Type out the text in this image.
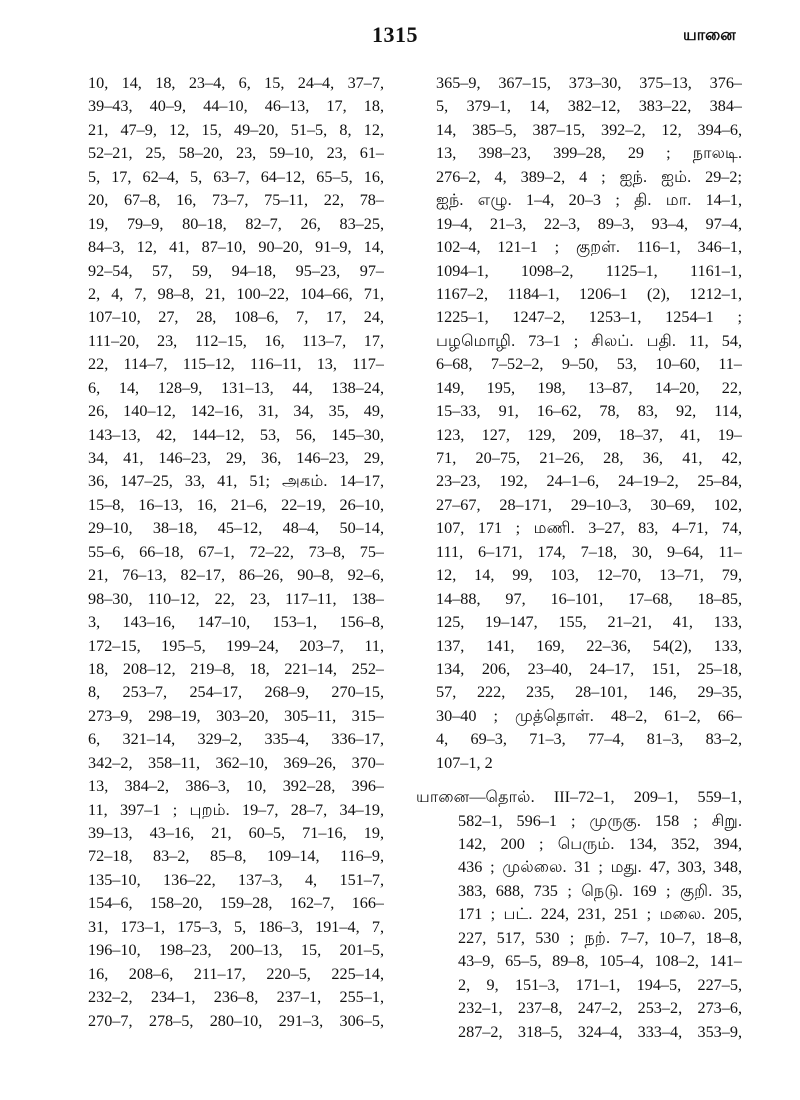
1315	யானை
10, 14, 18, 23–4, 6, 15, 24–4, 37–7,
39–43, 40–9, 44–10, 46–13, 17, 18,
21, 47–9, 12, 15, 49–20, 51–5, 8, 12,
52–21, 25, 58–20, 23, 59–10, 23, 61–
5, 17, 62–4, 5, 63–7, 64–12, 65–5, 16,
20, 67–8, 16, 73–7, 75–11, 22, 78–
19, 79–9, 80–18, 82–7, 26, 83–25,
84–3, 12, 41, 87–10, 90–20, 91–9, 14,
92–54, 57, 59, 94–18, 95–23, 97–
2, 4, 7, 98–8, 21, 100–22, 104–66, 71,
107–10, 27, 28, 108–6, 7, 17, 24,
111–20, 23, 112–15, 16, 113–7, 17,
22, 114–7, 115–12, 116–11, 13, 117–
6, 14, 128–9, 131–13, 44, 138–24,
26, 140–12, 142–16, 31, 34, 35, 49,
143–13, 42, 144–12, 53, 56, 145–30,
34, 41, 146–23, 29, 36, 146–23, 29,
36, 147–25, 33, 41, 51; அகம். 14–17,
15–8, 16–13, 16, 21–6, 22–19, 26–10,
29–10, 38–18, 45–12, 48–4, 50–14,
55–6, 66–18, 67–1, 72–22, 73–8, 75–
21, 76–13, 82–17, 86–26, 90–8, 92–6,
98–30, 110–12, 22, 23, 117–11, 138–
3, 143–16, 147–10, 153–1, 156–8,
172–15, 195–5, 199–24, 203–7, 11,
18, 208–12, 219–8, 18, 221–14, 252–
8, 253–7, 254–17, 268–9, 270–15,
273–9, 298–19, 303–20, 305–11, 315–
6, 321–14, 329–2, 335–4, 336–17,
342–2, 358–11, 362–10, 369–26, 370–
13, 384–2, 386–3, 10, 392–28, 396–
11, 397–1 ; புறம். 19–7, 28–7, 34–19,
39–13, 43–16, 21, 60–5, 71–16, 19,
72–18, 83–2, 85–8, 109–14, 116–9,
135–10, 136–22, 137–3, 4, 151–7,
154–6, 158–20, 159–28, 162–7, 166–
31, 173–1, 175–3, 5, 186–3, 191–4, 7,
196–10, 198–23, 200–13, 15, 201–5,
16, 208–6, 211–17, 220–5, 225–14,
232–2, 234–1, 236–8, 237–1, 255–1,
270–7, 278–5, 280–10, 291–3, 306–5,
365–9, 367–15, 373–30, 375–13, 376–
5, 379–1, 14, 382–12, 383–22, 384–
14, 385–5, 387–15, 392–2, 12, 394–6,
13, 398–23, 399–28, 29 ; நாலடி.
276–2, 4, 389–2, 4 ; ஐந். ஐம். 29–2;
ஐந். எழு. 1–4, 20–3 ; தி. மா. 14–1,
19–4, 21–3, 22–3, 89–3, 93–4, 97–4,
102–4, 121–1 ; குறள். 116–1, 346–1,
1094–1, 1098–2, 1125–1, 1161–1,
1167–2, 1184–1, 1206–1 (2), 1212–1,
1225–1, 1247–2, 1253–1, 1254–1 ;
பழமொழி. 73–1 ; சிலப். பதி. 11, 54,
6–68, 7–52–2, 9–50, 53, 10–60, 11–
149, 195, 198, 13–87, 14–20, 22,
15–33, 91, 16–62, 78, 83, 92, 114,
123, 127, 129, 209, 18–37, 41, 19–
71, 20–75, 21–26, 28, 36, 41, 42,
23–23, 192, 24–1–6, 24–19–2, 25–84,
27–67, 28–171, 29–10–3, 30–69, 102,
107, 171 ; மணி. 3–27, 83, 4–71, 74,
111, 6–171, 174, 7–18, 30, 9–64, 11–
12, 14, 99, 103, 12–70, 13–71, 79,
14–88, 97, 16–101, 17–68, 18–85,
125, 19–147, 155, 21–21, 41, 133,
137, 141, 169, 22–36, 54(2), 133,
134, 206, 23–40, 24–17, 151, 25–18,
57, 222, 235, 28–101, 146, 29–35,
30–40 ; முத்தொள். 48–2, 61–2, 66–
4, 69–3, 71–3, 77–4, 81–3, 83–2,
107–1, 2
யானை—தொல். III–72–1, 209–1, 559–1,
582–1, 596–1 ; முருகு. 158 ; சிறு.
142, 200 ; பெரும். 134, 352, 394,
436 ; முல்லை. 31 ; மது. 47, 303, 348,
383, 688, 735 ; நெடு. 169 ; குறி. 35,
171 ; பட். 224, 231, 251 ; மலை. 205,
227, 517, 530 ; நற். 7–7, 10–7, 18–8,
43–9, 65–5, 89–8, 105–4, 108–2, 141–
2, 9, 151–3, 171–1, 194–5, 227–5,
232–1, 237–8, 247–2, 253–2, 273–6,
287–2, 318–5, 324–4, 333–4, 353–9,
